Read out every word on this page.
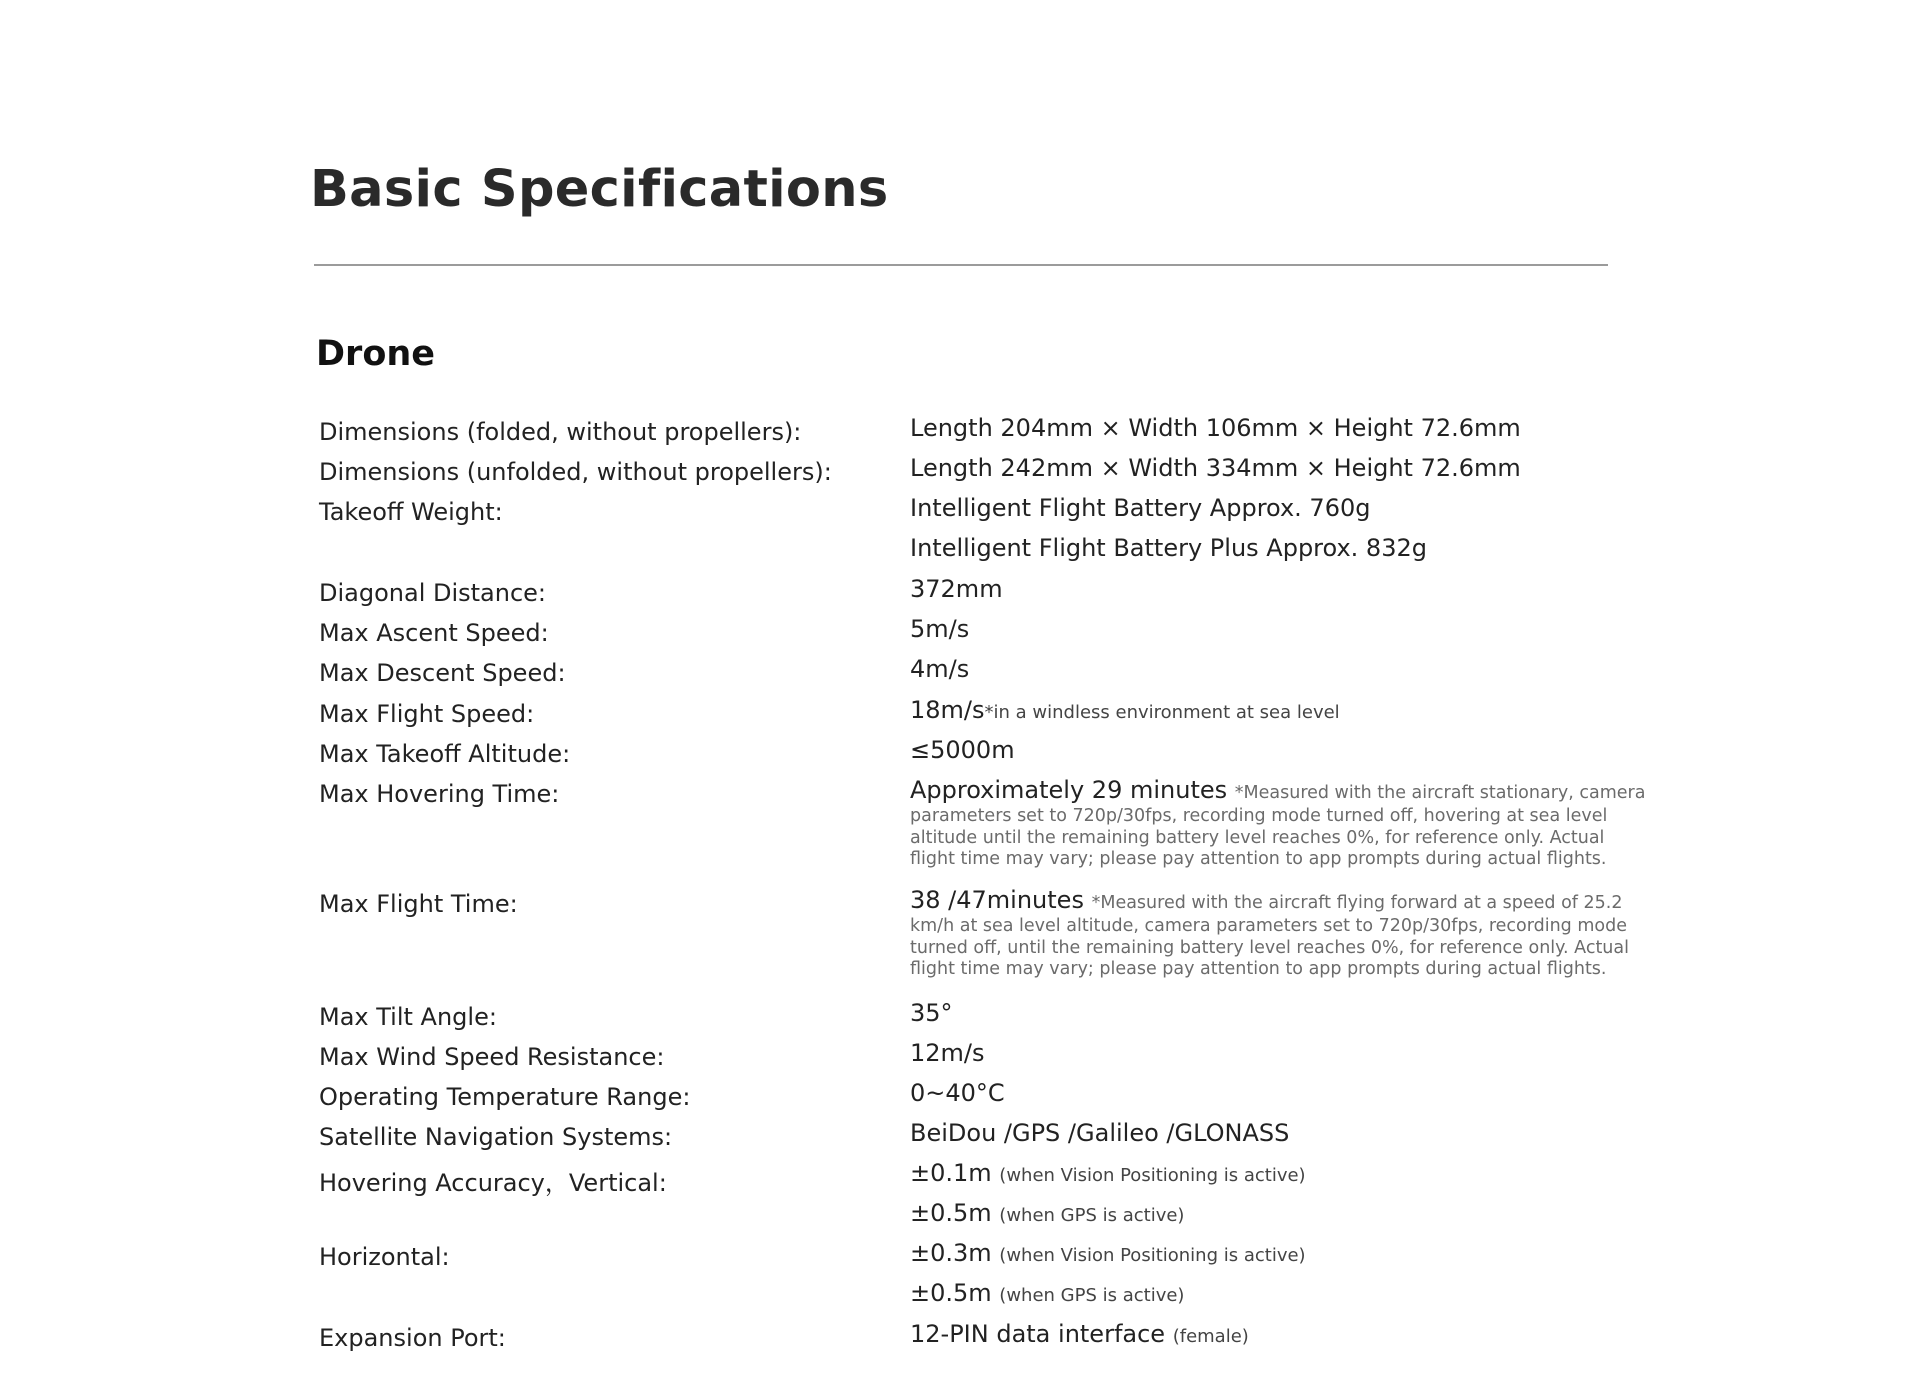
Basic Specifications
Drone
Dimensions (folded, without propellers):	Length 204mm × Width 106mm × Height 72.6mm
Dimensions (unfolded, without propellers):	Length 242mm × Width 334mm × Height 72.6mm
Takeoff Weight:	Intelligent Flight Battery Approx. 760g
Intelligent Flight Battery Plus Approx. 832g
Diagonal Distance:	372mm
Max Ascent Speed:	5m/s
Max Descent Speed:	4m/s
Max Flight Speed:	18m/s*in a windless environment at sea level
Max Takeoff Altitude:	≤5000m
Max Hovering Time:	Approximately 29 minutes *Measured with the aircraft stationary, camera
parameters set to 720p/30fps, recording mode turned off, hovering at sea level altitude until the remaining battery level reaches 0%, for reference only. Actual flight time may vary; please pay attention to app prompts during actual flights.
Max Flight Time:	38 /47minutes *Measured with the aircraft flying forward at a speed of 25.2
km/h at sea level altitude, camera parameters set to 720p/30fps, recording mode turned off, until the remaining battery level reaches 0%, for reference only. Actual flight time may vary; please pay attention to app prompts during actual flights.
Max Tilt Angle:	35°
Max Wind Speed Resistance:	12m/s
Operating Temperature Range:	0~40°C
Satellite Navigation Systems:	BeiDou /GPS /Galileo /GLONASS
Hovering Accuracy，Vertical:	±0.1m (when Vision Positioning is active)
±0.5m (when GPS is active)
Horizontal:	±0.3m (when Vision Positioning is active)
±0.5m (when GPS is active)
Expansion Port:	12-PIN data interface (female)
